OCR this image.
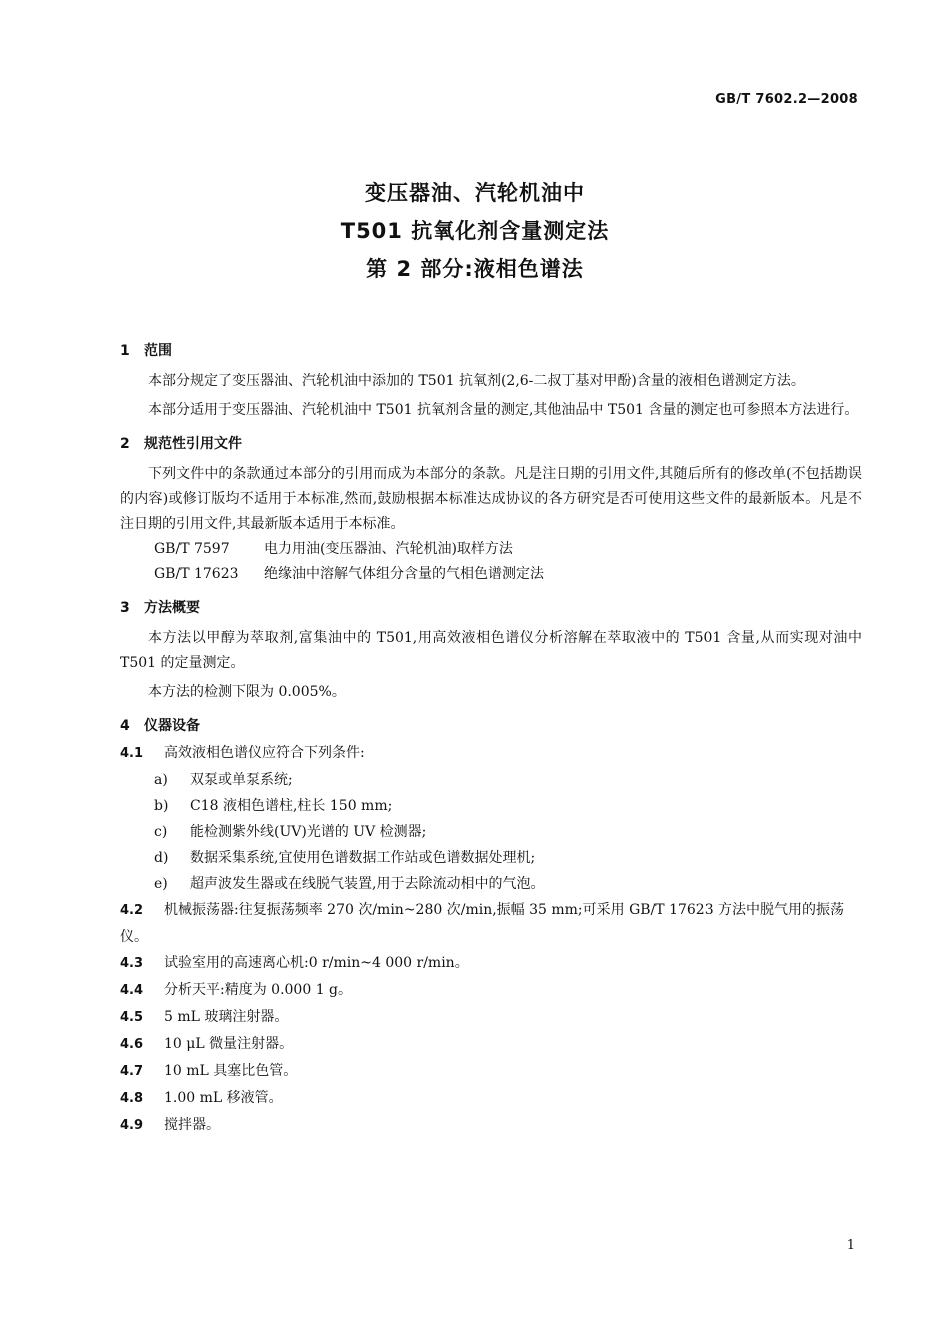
GB/T 7602.2—2008
变压器油、汽轮机油中
T501 抗氧化剂含量测定法
第 2 部分:液相色谱法
1 范围

本部分规定了变压器油、汽轮机油中添加的 T501 抗氧剂(2,6-二叔丁基对甲酚)含量的液相色谱测定方法。

本部分适用于变压器油、汽轮机油中 T501 抗氧剂含量的测定,其他油品中 T501 含量的测定也可参照本方法进行。

2 规范性引用文件

下列文件中的条款通过本部分的引用而成为本部分的条款。凡是注日期的引用文件,其随后所有的修改单(不包括勘误的内容)或修订版均不适用于本标准,然而,鼓励根据本标准达成协议的各方研究是否可使用这些文件的最新版本。凡是不注日期的引用文件,其最新版本适用于本标准。

GB/T 7597 电力用油(变压器油、汽轮机油)取样方法
GB/T 17623 绝缘油中溶解气体组分含量的气相色谱测定法
3 方法概要

本方法以甲醇为萃取剂,富集油中的 T501,用高效液相色谱仪分析溶解在萃取液中的 T501 含量,从而实现对油中 T501 的定量测定。

本方法的检测下限为 0.005%。

4 仪器设备
4.1 高效液相色谱仪应符合下列条件:
a) 双泵或单泵系统;
b) C18 液相色谱柱,柱长 150 mm;
c) 能检测紫外线(UV)光谱的 UV 检测器;
d) 数据采集系统,宜使用色谱数据工作站或色谱数据处理机;
e) 超声波发生器或在线脱气装置,用于去除流动相中的气泡。
4.2 机械振荡器:往复振荡频率 270 次/min~280 次/min,振幅 35 mm;可采用 GB/T 17623 方法中脱气用的振荡仪。
4.3 试验室用的高速离心机:0 r/min~4 000 r/min。
4.4 分析天平:精度为 0.000 1 g。
4.5 5 mL 玻璃注射器。
4.6 10 μL 微量注射器。
4.7 10 mL 具塞比色管。
4.8 1.00 mL 移液管。
4.9 搅拌器。
1
